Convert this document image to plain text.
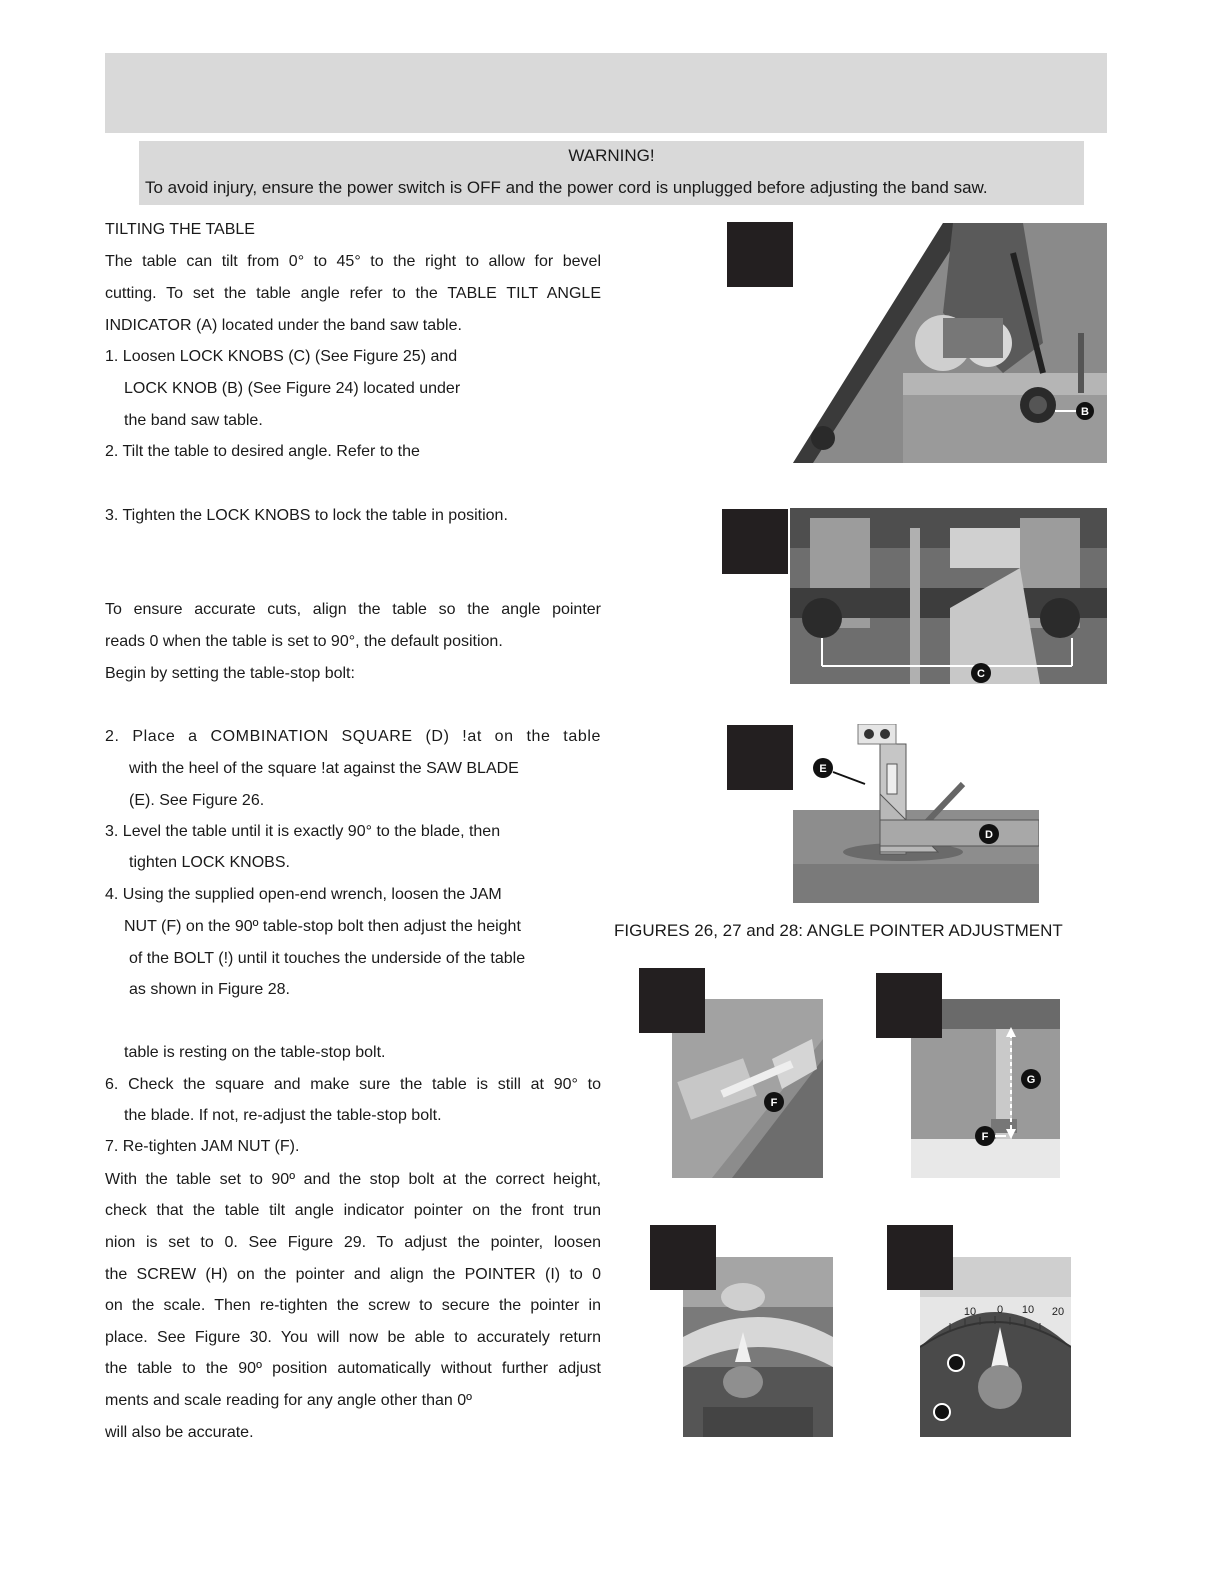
WARNING!
To avoid injury, ensure the power switch is OFF and the power cord is unplugged before adjusting the band saw.
TILTING THE TABLE
The table can tilt from 0° to 45° to the right to allow for bevel
cutting. To set the table angle refer to the TABLE TILT ANGLE
INDICATOR (A) located under the band saw table.
1. Loosen LOCK KNOBS (C) (See Figure 25) and
LOCK KNOB (B) (See Figure 24) located under
the band saw table.
2. Tilt the table to desired angle. Refer to the
3. Tighten the LOCK KNOBS to lock the table in position.
To ensure accurate cuts, align the table so the angle pointer
reads 0 when the table is set to 90°, the default position.
Begin by setting the table-stop bolt:
2. Place a COMBINATION SQUARE (D) !at on the table
with the heel of the square !at against the SAW BLADE
(E). See Figure 26.
3. Level the table until it is exactly 90° to the blade, then
tighten LOCK KNOBS.
4. Using the supplied open-end wrench, loosen the JAM
NUT (F) on the 90º table-stop bolt then adjust the height
of the BOLT (!) until it touches the underside of the table
as shown in Figure 28.
table is resting on the table-stop bolt.
6. Check the square and make sure the table is still at 90° to
the blade. If not, re-adjust the table-stop bolt.
7. Re-tighten JAM NUT (F).
With the table set to 90º and the stop bolt at the correct height,
check that the table tilt angle indicator pointer on the front trun
nion is set to 0. See Figure 29. To adjust the pointer, loosen
the SCREW (H) on the pointer and align the POINTER (I) to 0
on the scale. Then re-tighten the screw to secure the pointer in
place. See Figure 30. You will now be able to accurately return
the table to the 90º position automatically without further adjust
ments and scale reading for any angle other than 0º
will also be accurate.
B
C
E
D
FIGURES 26, 27 and 28: ANGLE POINTER ADJUSTMENT
F
G
F
10 0 10 20
